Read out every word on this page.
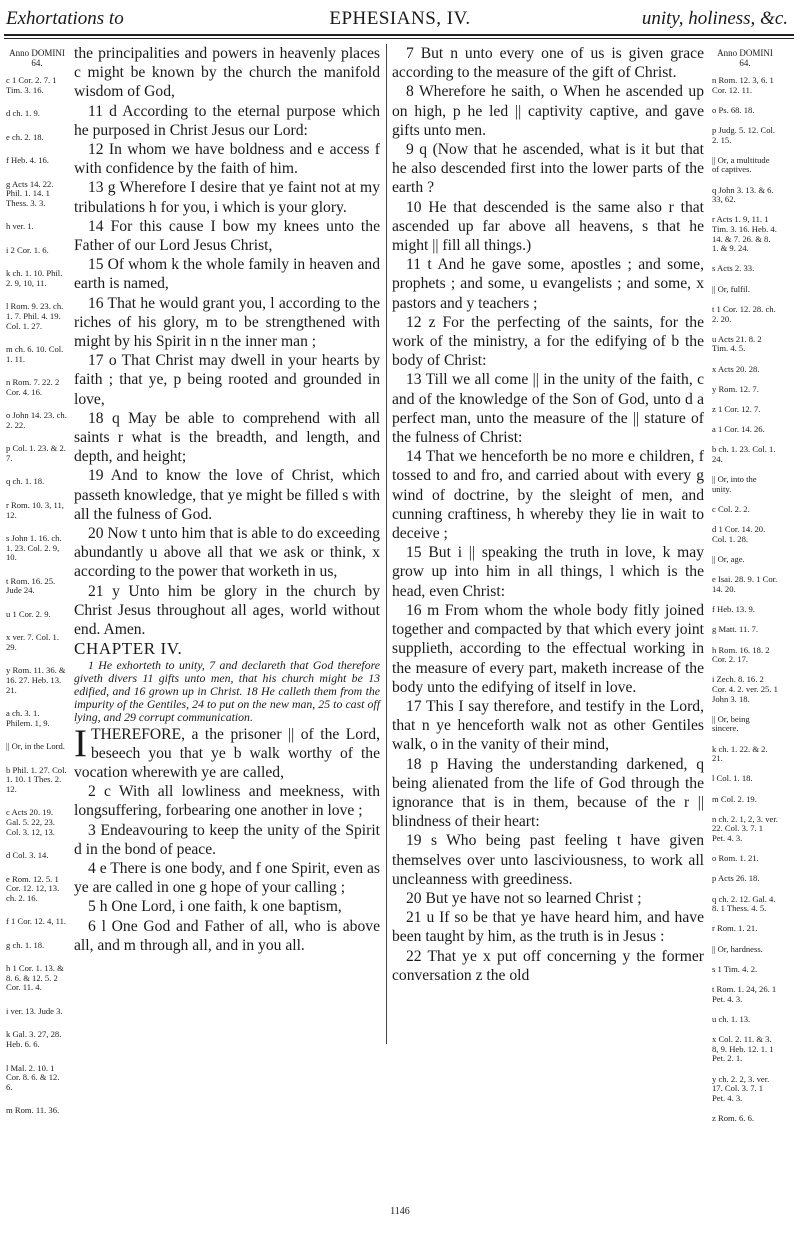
Exhortations to	EPHESIANS, IV.	unity, holiness, &c.
Anno DOMINI 64.
c 1 Cor. 2. 7. 1 Tim. 3. 16.
d ch. 1. 9.
e ch. 2. 18.
f Heb. 4. 16.
g Acts 14. 22. Phil. 1. 14. 1 Thess. 3. 3.
h ver. 1.
i 2 Cor. 1. 6.
k ch. 1. 10. Phil. 2. 9, 10, 11.
l Rom. 9. 23. ch. 1. 7. Phil. 4. 19. Col. 1. 27.
m ch. 6. 10. Col. 1. 11.
n Rom. 7. 22. 2 Cor. 4. 16.
o John 14. 23. ch. 2. 22.
p Col. 1. 23. & 2. 7.
q ch. 1. 18.
r Rom. 10. 3, 11, 12.
s John 1. 16. ch. 1. 23. Col. 2. 9, 10.
t Rom. 16. 25. Jude 24.
u 1 Cor. 2. 9.
x ver. 7. Col. 1. 29.
y Rom. 11. 36. & 16. 27. Heb. 13. 21.
a ch. 3. 1. Philem. 1, 9.
|| Or, in the Lord.
b Phil. 1. 27. Col. 1. 10. 1 Thes. 2. 12.
c Acts 20. 19. Gal. 5. 22, 23. Col. 3. 12, 13.
d Col. 3. 14.
e Rom. 12. 5. 1 Cor. 12. 12, 13. ch. 2. 16.
f 1 Cor. 12. 4, 11.
g ch. 1. 18.
h 1 Cor. 1. 13. & 8. 6. & 12. 5. 2 Cor. 11. 4.
i ver. 13. Jude 3.
k Gal. 3. 27, 28. Heb. 6. 6.
l Mal. 2. 10. 1 Cor. 8. 6. & 12. 6.
m Rom. 11. 36.
Anno DOMINI 64.
n Rom. 12. 3, 6. 1 Cor. 12. 11.
o Ps. 68. 18.
p Judg. 5. 12. Col. 2. 15.
|| Or, a multitude of captives.
q John 3. 13. & 6. 33, 62.
r Acts 1. 9, 11. 1 Tim. 3. 16. Heb. 4. 14. & 7. 26. & 8. 1. & 9. 24.
s Acts 2. 33.
|| Or, fulfil.
t 1 Cor. 12. 28. ch. 2. 20.
u Acts 21. 8. 2 Tim. 4. 5.
x Acts 20. 28.
y Rom. 12. 7.
z 1 Cor. 12. 7.
a 1 Cor. 14. 26.
b ch. 1. 23. Col. 1. 24.
|| Or, into the unity.
c Col. 2. 2.
d 1 Cor. 14. 20. Col. 1. 28.
|| Or, age.
e Isai. 28. 9. 1 Cor. 14. 20.
f Heb. 13. 9.
g Matt. 11. 7.
h Rom. 16. 18. 2 Cor. 2. 17.
i Zech. 8. 16. 2 Cor. 4. 2. ver. 25. 1 John 3. 18.
|| Or, being sincere.
k ch. 1. 22. & 2. 21.
l Col. 1. 18.
m Col. 2. 19.
n ch. 2. 1, 2, 3. ver. 22. Col. 3. 7. 1 Pet. 4. 3.
o Rom. 1. 21.
p Acts 26. 18.
q ch. 2. 12. Gal. 4. 8. 1 Thess. 4. 5.
r Rom. 1. 21.
|| Or, hardness.
s 1 Tim. 4. 2.
t Rom. 1. 24, 26. 1 Pet. 4. 3.
u ch. 1. 13.
x Col. 2. 11. & 3. 8, 9. Heb. 12. 1. 1 Pet. 2. 1.
y ch. 2. 2, 3. ver. 17. Col. 3. 7. 1 Pet. 4. 3.
z Rom. 6. 6.

the principalities and powers in heavenly places c might be known by the church the manifold wisdom of God,

11 d According to the eternal purpose which he purposed in Christ Jesus our Lord:

12 In whom we have boldness and e access f with confidence by the faith of him.

13 g Wherefore I desire that ye faint not at my tribulations h for you, i which is your glory.

14 For this cause I bow my knees unto the Father of our Lord Jesus Christ,

15 Of whom k the whole family in heaven and earth is named,

16 That he would grant you, l according to the riches of his glory, m to be strengthened with might by his Spirit in n the inner man ;

17 o That Christ may dwell in your hearts by faith ; that ye, p being rooted and grounded in love,

18 q May be able to comprehend with all saints r what is the breadth, and length, and depth, and height;

19 And to know the love of Christ, which passeth knowledge, that ye might be filled s with all the fulness of God.

20 Now t unto him that is able to do exceeding abundantly u above all that we ask or think, x according to the power that worketh in us,

21 y Unto him be glory in the church by Christ Jesus throughout all ages, world without end. Amen.

CHAPTER IV.

1 He exhorteth to unity, 7 and declareth that God therefore giveth divers 11 gifts unto men, that his church might be 13 edified, and 16 grown up in Christ. 18 He calleth them from the impurity of the Gentiles, 24 to put on the new man, 25 to cast off lying, and 29 corrupt communication.

ITHEREFORE, a the prisoner || of the Lord, beseech you that ye b walk worthy of the vocation wherewith ye are called,

2 c With all lowliness and meekness, with longsuffering, forbearing one another in love ;

3 Endeavouring to keep the unity of the Spirit d in the bond of peace.

4 e There is one body, and f one Spirit, even as ye are called in one g hope of your calling ;

5 h One Lord, i one faith, k one baptism,

6 l One God and Father of all, who is above all, and m through all, and in you all.

7 But n unto every one of us is given grace according to the measure of the gift of Christ.

8 Wherefore he saith, o When he ascended up on high, p he led || captivity captive, and gave gifts unto men.

9 q (Now that he ascended, what is it but that he also descended first into the lower parts of the earth ?

10 He that descended is the same also r that ascended up far above all heavens, s that he might || fill all things.)

11 t And he gave some, apostles ; and some, prophets ; and some, u evangelists ; and some, x pastors and y teachers ;

12 z For the perfecting of the saints, for the work of the ministry, a for the edifying of b the body of Christ:

13 Till we all come || in the unity of the faith, c and of the knowledge of the Son of God, unto d a perfect man, unto the measure of the || stature of the fulness of Christ:

14 That we henceforth be no more e children, f tossed to and fro, and carried about with every g wind of doctrine, by the sleight of men, and cunning craftiness, h whereby they lie in wait to deceive ;

15 But i || speaking the truth in love, k may grow up into him in all things, l which is the head, even Christ:

16 m From whom the whole body fitly joined together and compacted by that which every joint supplieth, according to the effectual working in the measure of every part, maketh increase of the body unto the edifying of itself in love.

17 This I say therefore, and testify in the Lord, that n ye henceforth walk not as other Gentiles walk, o in the vanity of their mind,

18 p Having the understanding darkened, q being alienated from the life of God through the ignorance that is in them, because of the r || blindness of their heart:

19 s Who being past feeling t have given themselves over unto lasciviousness, to work all uncleanness with greediness.

20 But ye have not so learned Christ ;

21 u If so be that ye have heard him, and have been taught by him, as the truth is in Jesus :

22 That ye x put off concerning y the former conversation z the old

1146
